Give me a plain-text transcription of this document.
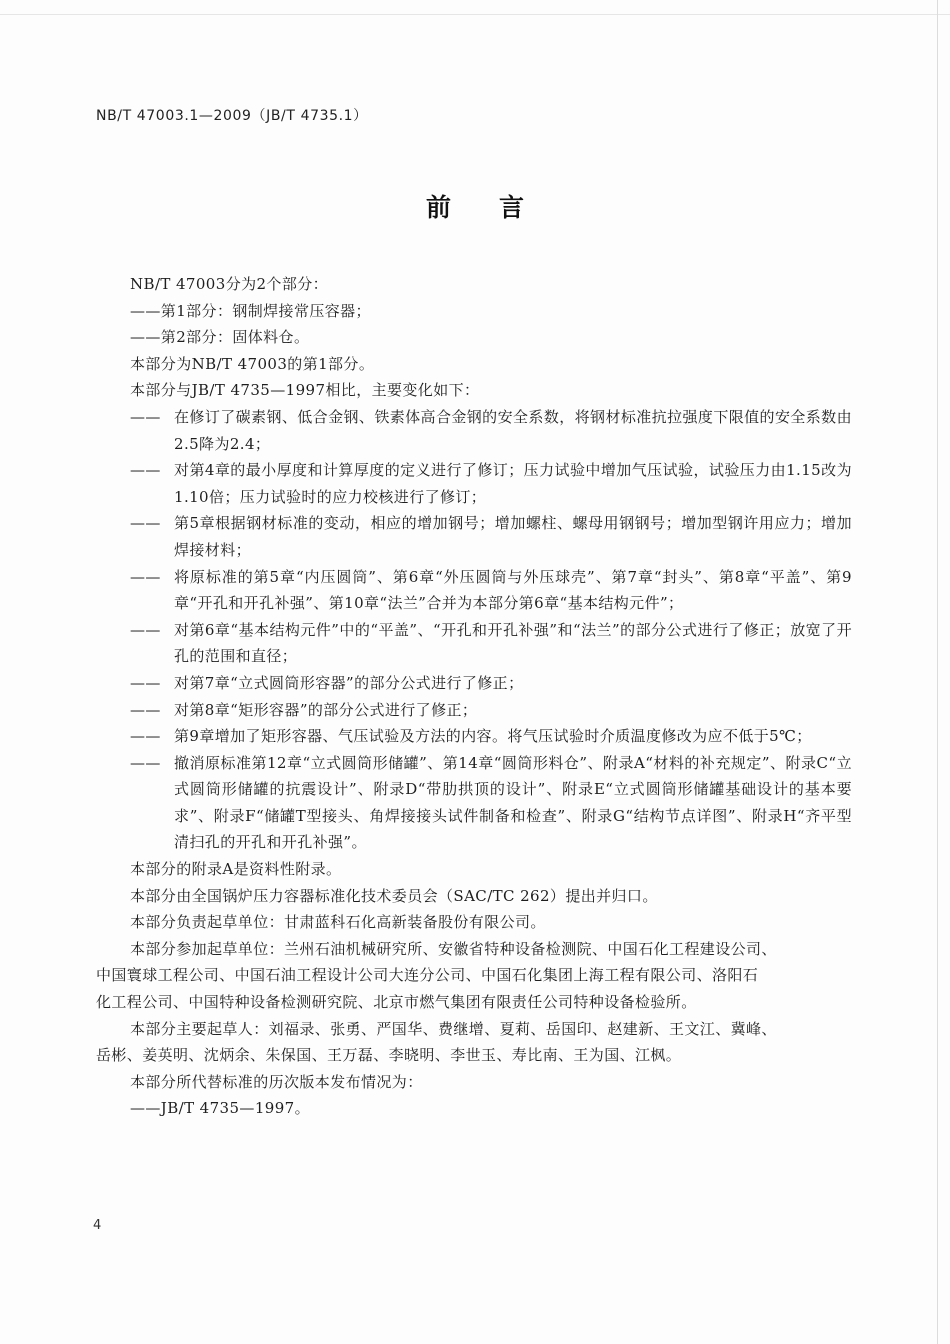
NB/T 47003.1—2009（JB/T 4735.1）
前言
NB/T 47003分为2个部分：
——第1部分：钢制焊接常压容器；
——第2部分：固体料仓。
本部分为NB/T 47003的第1部分。
本部分与JB/T 4735—1997相比，主要变化如下：
—— 在修订了碳素钢、低合金钢、铁素体高合金钢的安全系数，将钢材标准抗拉强度下限值的安全系数由2.5降为2.4；
—— 对第4章的最小厚度和计算厚度的定义进行了修订；压力试验中增加气压试验，试验压力由1.15改为1.10倍；压力试验时的应力校核进行了修订；
—— 第5章根据钢材标准的变动，相应的增加钢号；增加螺柱、螺母用钢钢号；增加型钢许用应力；增加焊接材料；
—— 将原标准的第5章“内压圆筒”、第6章“外压圆筒与外压球壳”、第7章“封头”、第8章“平盖”、第9章“开孔和开孔补强”、第10章“法兰”合并为本部分第6章“基本结构元件”；
—— 对第6章“基本结构元件”中的“平盖”、“开孔和开孔补强”和“法兰”的部分公式进行了修正；放宽了开孔的范围和直径；
—— 对第7章“立式圆筒形容器”的部分公式进行了修正；
—— 对第8章“矩形容器”的部分公式进行了修正；
—— 第9章增加了矩形容器、气压试验及方法的内容。将气压试验时介质温度修改为应不低于5℃；
—— 撤消原标准第12章“立式圆筒形储罐”、第14章“圆筒形料仓”、附录A“材料的补充规定”、附录C“立式圆筒形储罐的抗震设计”、附录D“带肋拱顶的设计”、附录E“立式圆筒形储罐基础设计的基本要求”、附录F“储罐T型接头、角焊接接头试件制备和检查”、附录G“结构节点详图”、附录H“齐平型清扫孔的开孔和开孔补强”。
本部分的附录A是资料性附录。
本部分由全国锅炉压力容器标准化技术委员会（SAC/TC 262）提出并归口。
本部分负责起草单位：甘肃蓝科石化高新装备股份有限公司。
本部分参加起草单位：兰州石油机械研究所、安徽省特种设备检测院、中国石化工程建设公司、
中国寰球工程公司、中国石油工程设计公司大连分公司、中国石化集团上海工程有限公司、洛阳石
化工程公司、中国特种设备检测研究院、北京市燃气集团有限责任公司特种设备检验所。
本部分主要起草人：刘福录、张勇、严国华、费继增、夏莉、岳国印、赵建新、王文江、冀峰、
岳彬、姜英明、沈炳余、朱保国、王万磊、李晓明、李世玉、寿比南、王为国、江枫。
本部分所代替标准的历次版本发布情况为：
——JB/T 4735—1997。
4
